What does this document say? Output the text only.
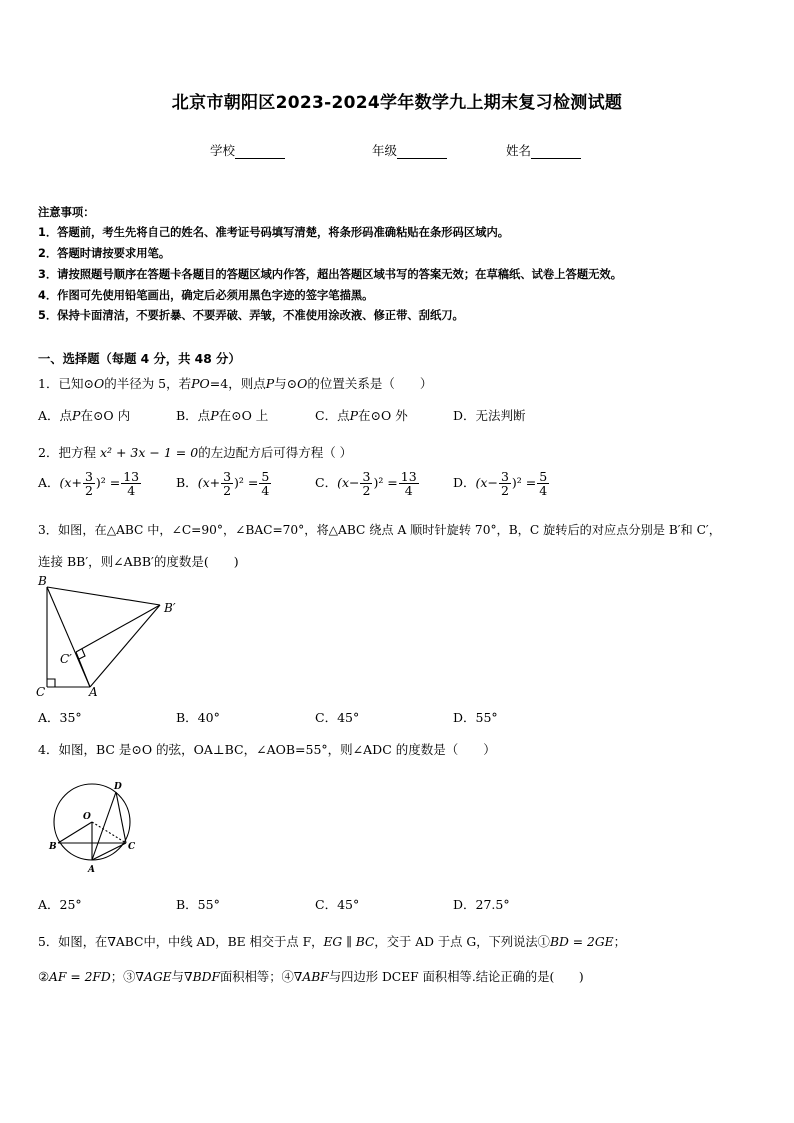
北京市朝阳区2023-2024学年数学九上期末复习检测试题
学校	年级	姓名
注意事项：
1．答题前，考生先将自己的姓名、准考证号码填写清楚，将条形码准确粘贴在条形码区域内。
2．答题时请按要求用笔。
3．请按照题号顺序在答题卡各题目的答题区域内作答，超出答题区域书写的答案无效；在草稿纸、试卷上答题无效。
4．作图可先使用铅笔画出，确定后必须用黑色字迹的签字笔描黑。
5．保持卡面清洁，不要折暴、不要弄破、弄皱，不准使用涂改液、修正带、刮纸刀。
一、选择题（每题 4 分，共 48 分）
1．已知⊙O的半径为 5，若PO=4，则点P与⊙O的位置关系是（　　）
A．点P在⊙O 内	B．点P在⊙O 上	C．点P在⊙O 外	D．无法判断
2．把方程 x² + 3x − 1 = 0的左边配方后可得方程（ ）
A．$(x+ \frac{3}{2} )^2 = \frac{13}{4}$	B．$(x+ \frac{3}{2} )^2 = \frac{5}{4}$	C．$(x- \frac{3}{2} )^2 = \frac{13}{4}$	D．$(x- \frac{3}{2} )^2 = \frac{5}{4}$
3．如图，在△ABC 中，∠C=90°，∠BAC=70°，将△ABC 绕点 A 顺时针旋转 70°，B，C 旋转后的对应点分别是 B′和 C′，
连接 BB′，则∠ABB′的度数是(　　)
B
B′
C′
C	A
A．35°	B．40°	C．45°	D．55°
4．如图，BC 是⊙O 的弦，OA⊥BC，∠AOB=55°，则∠ADC 的度数是（　　）
D
O
B	C
A
A．25°	B．55°	C．45°	D．27.5°
5．如图，在∇ABC中，中线 AD，BE 相交于点 F，EG ∥ BC，交于 AD 于点 G，下列说法①BD = 2GE；
②AF = 2FD；③∇AGE与∇BDF面积相等；④∇ABF与四边形 DCEF 面积相等.结论正确的是(　　)
